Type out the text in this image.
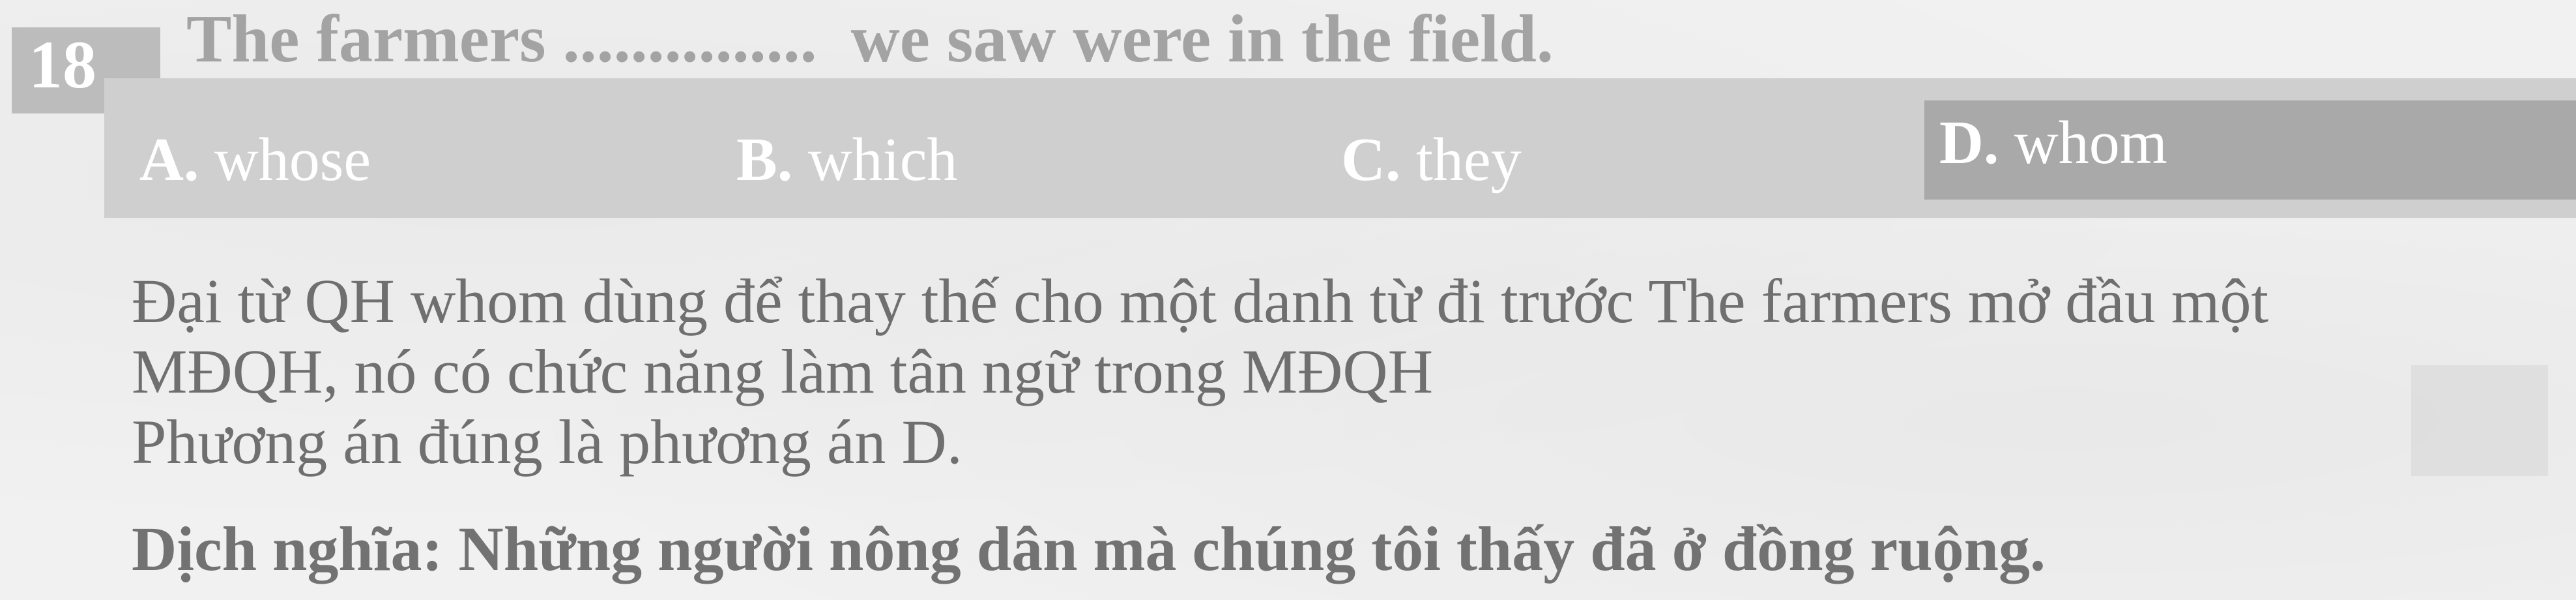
18 The farmers ...............  we saw were in the field.
A. whose	B. which	C. they	D. whom
Đại từ QH whom dùng để thay thế cho một danh từ đi trước The farmers mở đầu một
MĐQH, nó có chức năng làm tân ngữ trong MĐQH
Phương án đúng là phương án D.
Dịch nghĩa: Những người nông dân mà chúng tôi thấy đã ở đồng ruộng.
